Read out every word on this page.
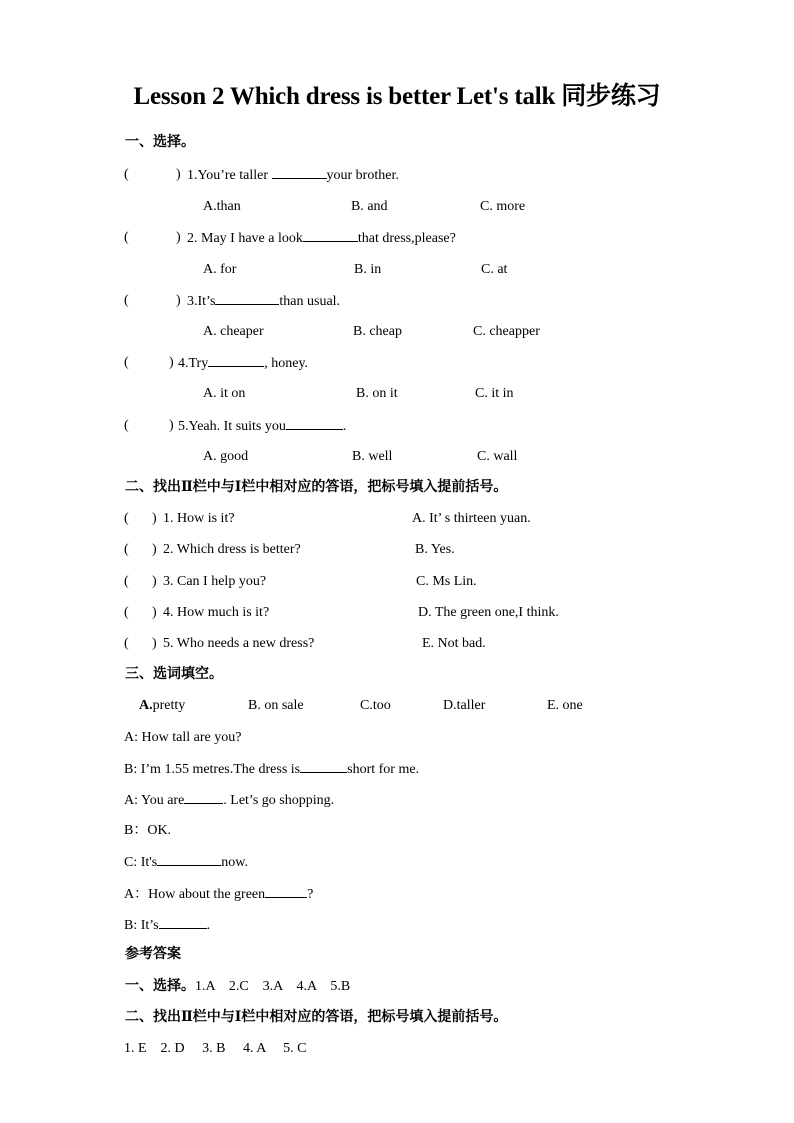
Lesson 2 Which dress is better Let's talk 同步练习
一、选择。
(	) 1.You’re taller	your brother.
A.than	B. and	C. more
(	) 2. May I have a look	that dress,please?
A. for	B. in	C. at
(	) 3.It’s	than usual.
A. cheaper	B. cheap	C. cheapper
(	) 4.Try	, honey.
A. it on	B. on it	C. it in
(	) 5.Yeah. It suits you	.
A. good	B. well	C. wall
二、找出Ⅱ栏中与Ⅰ栏中相对应的答语，把标号填入提前括号。
( ) 1. How is it?	A. It’ s thirteen yuan.
( ) 2. Which dress is better?	B. Yes.
( ) 3. Can I help you?	C. Ms Lin.
( ) 4. How much is it?	D. The green one,I think.
( ) 5. Who needs a new dress?	E. Not bad.
三、选词填空。
A.pretty	B. on sale	C.too	D.taller	E. one
A: How tall are you?
B: I’m 1.55 metres.The dress is	short for me.
A: You are	. Let’s go shopping.
B：OK.
C: It's	now.
A：How about the green	?
B: It’s	.
参考答案
一、选择。1.A    2.C    3.A    4.A    5.B
二、找出Ⅱ栏中与Ⅰ栏中相对应的答语，把标号填入提前括号。
1. E    2. D     3. B     4. A     5. C
